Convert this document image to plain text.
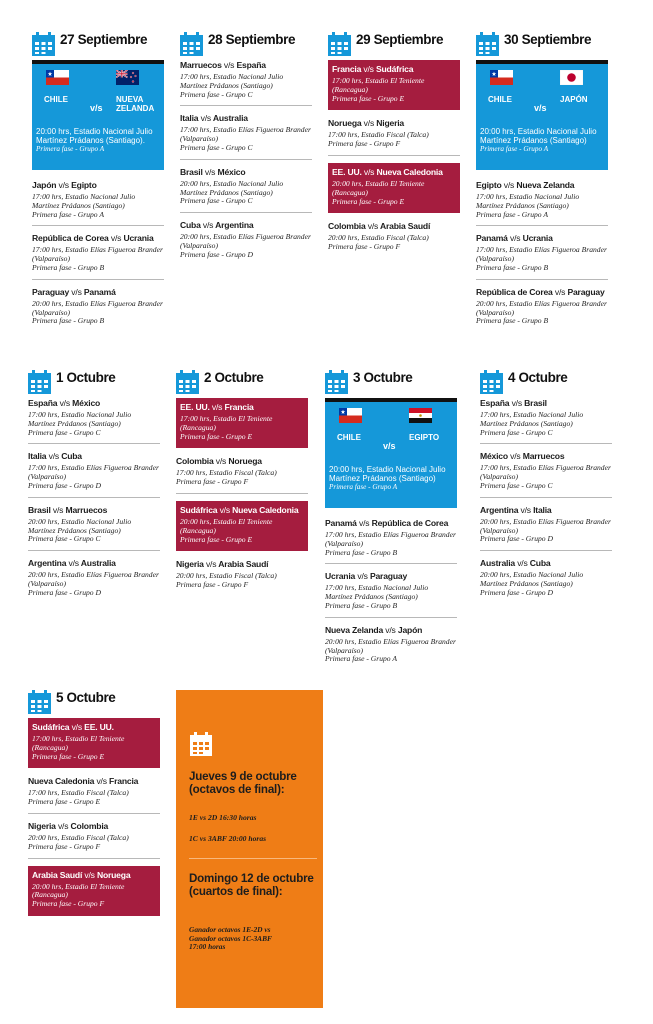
27 Septiembre
CHILE	NUEVA ZELANDA
v/s
20:00 hrs, Estadio Nacional Julio Martínez Prádanos (Santiago).
Primera fase - Grupo A
Japón v/s Egipto
17:00 hrs, Estadio Nacional Julio Martínez Prádanos (Santiago)
Primera fase - Grupo A
República de Corea v/s Ucrania
17:00 hrs, Estadio Elías Figueroa Brander (Valparaíso)
Primera fase - Grupo B
Paraguay v/s Panamá
20:00 hrs, Estadio Elías Figueroa Brander (Valparaíso)
Primera fase - Grupo B
28 Septiembre
Marruecos v/s España
17:00 hrs, Estadio Nacional Julio Martínez Prádanos (Santiago)
Primera fase - Grupo C
Italia v/s Australia
17:00 hrs, Estadio Elías Figueroa Brander (Valparaíso)
Primera fase - Grupo C
Brasil v/s México
20:00 hrs, Estadio Nacional Julio Martínez Prádanos (Santiago)
Primera fase - Grupo C
Cuba v/s Argentina
20:00 hrs, Estadio Elías Figueroa Brander (Valparaíso)
Primera fase - Grupo D
29 Septiembre
Francia v/s Sudáfrica
17:00 hrs, Estadio El Teniente (Rancagua)
Primera fase - Grupo E
Noruega v/s Nigeria
17:00 hrs, Estadio Fiscal (Talca)
Primera fase - Grupo F
EE. UU. v/s Nueva Caledonia
20:00 hrs, Estadio El Teniente (Rancagua)
Primera fase - Grupo E
Colombia v/s Arabia Saudí
20:00 hrs, Estadio Fiscal (Talca)
Primera fase - Grupo F
30 Septiembre
CHILE	JAPÓN
v/s
20:00 hrs, Estadio Nacional Julio Martínez Prádanos (Santiago)
Primera fase - Grupo A
Egipto v/s Nueva Zelanda
17:00 hrs, Estadio Nacional Julio Martínez Prádanos (Santiago)
Primera fase - Grupo A
Panamá v/s Ucrania
17:00 hrs, Estadio Elías Figueroa Brander (Valparaíso)
Primera fase - Grupo B
República de Corea v/s Paraguay
20:00 hrs, Estadio Elías Figueroa Brander (Valparaíso)
Primera fase - Grupo B
1 Octubre
España v/s México
17:00 hrs, Estadio Nacional Julio Martínez Prádanos (Santiago)
Primera fase - Grupo C
Italia v/s Cuba
17:00 hrs, Estadio Elías Figueroa Brander (Valparaíso)
Primera fase - Grupo D
Brasil v/s Marruecos
20:00 hrs, Estadio Nacional Julio Martínez Prádanos (Santiago)
Primera fase - Grupo C
Argentina v/s Australia
20:00 hrs, Estadio Elías Figueroa Brander (Valparaíso)
Primera fase - Grupo D
2 Octubre
EE. UU. v/s Francia
17:00 hrs, Estadio El Teniente (Rancagua)
Primera fase - Grupo E
Colombia v/s Noruega
17:00 hrs, Estadio Fiscal (Talca)
Primera fase - Grupo F
Sudáfrica v/s Nueva Caledonia
20:00 hrs, Estadio El Teniente (Rancagua)
Primera fase - Grupo E
Nigeria v/s Arabia Saudí
20:00 hrs, Estadio Fiscal (Talca)
Primera fase - Grupo F
3 Octubre
CHILE	EGIPTO
v/s
20:00 hrs, Estadio Nacional Julio Martínez Prádanos (Santiago)
Primera fase - Grupo A
Panamá v/s República de Corea
17:00 hrs, Estadio Elías Figueroa Brander (Valparaíso)
Primera fase - Grupo B
Ucrania v/s Paraguay
17:00 hrs, Estadio Nacional Julio Martínez Prádanos (Santiago)
Primera fase - Grupo B
Nueva Zelanda v/s Japón
20:00 hrs, Estadio Elías Figueroa Brander (Valparaíso)
Primera fase - Grupo A
4 Octubre
España v/s Brasil
17:00 hrs, Estadio Nacional Julio Martínez Prádanos (Santiago)
Primera fase - Grupo C
México v/s Marruecos
17:00 hrs, Estadio Elías Figueroa Brander (Valparaíso)
Primera fase - Grupo C
Argentina v/s Italia
20:00 hrs, Estadio Elías Figueroa Brander (Valparaíso)
Primera fase - Grupo D
Australia v/s Cuba
20:00 hrs, Estadio Nacional Julio Martínez Prádanos (Santiago)
Primera fase - Grupo D
5 Octubre
Sudáfrica v/s EE. UU.
17:00 hrs, Estadio El Teniente (Rancagua)
Primera fase - Grupo E
Nueva Caledonia v/s Francia
17:00 hrs, Estadio Fiscal (Talca)
Primera fase - Grupo E
Nigeria v/s Colombia
20:00 hrs, Estadio Fiscal (Talca)
Primera fase - Grupo F
Arabia Saudí v/s Noruega
20:00 hrs, Estadio El Teniente (Rancagua)
Primera fase - Grupo F
Jueves 9 de octubre (octavos de final):
1E vs 2D 16:30 horas
1C vs 3ABF 20:00 horas
Domingo 12 de octubre (cuartos de final):
Ganador octavos 1E-2D vs
Ganador octavos 1C-3ABF
17:00 horas
